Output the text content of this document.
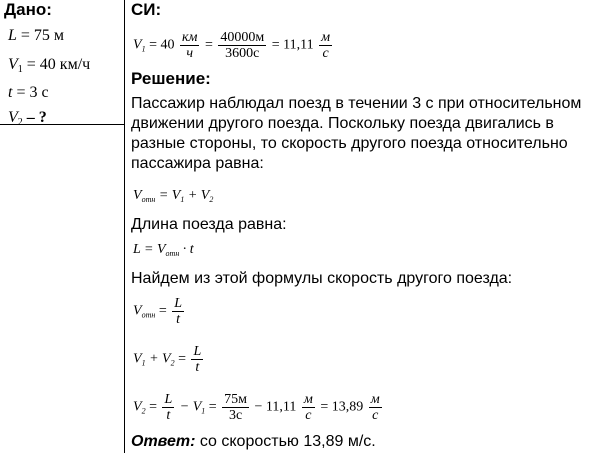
Дано:
L = 75 м
$V_1 = 40$ км/ч
t = 3 с
$V_2$ – ?
СИ:
$V_1 = 40$
км
ч
=
40000м
3600с
= 11,11
м
с
Решение:
Пассажир наблюдал поезд в течении 3 с при относительном
движении другого поезда. Поскольку поезда двигались в
разные стороны, то скорость другого поезда относительно
пассажира равна:
$V_{отн} = V_1 + V_2$
Длина поезда равна:
$L = V_{отн} \cdot t$
Найдем из этой формулы скорость другого поезда:
$V_{отн} = \frac{L}{t}$
$V_1 + V_2 = \frac{L}{t}$
$V_2 = \frac{L}{t} - V_1$ =
75м
3с
− 11,11
м
с
= 13,89
м
с
Ответ: со скоростью 13,89 м/с.
